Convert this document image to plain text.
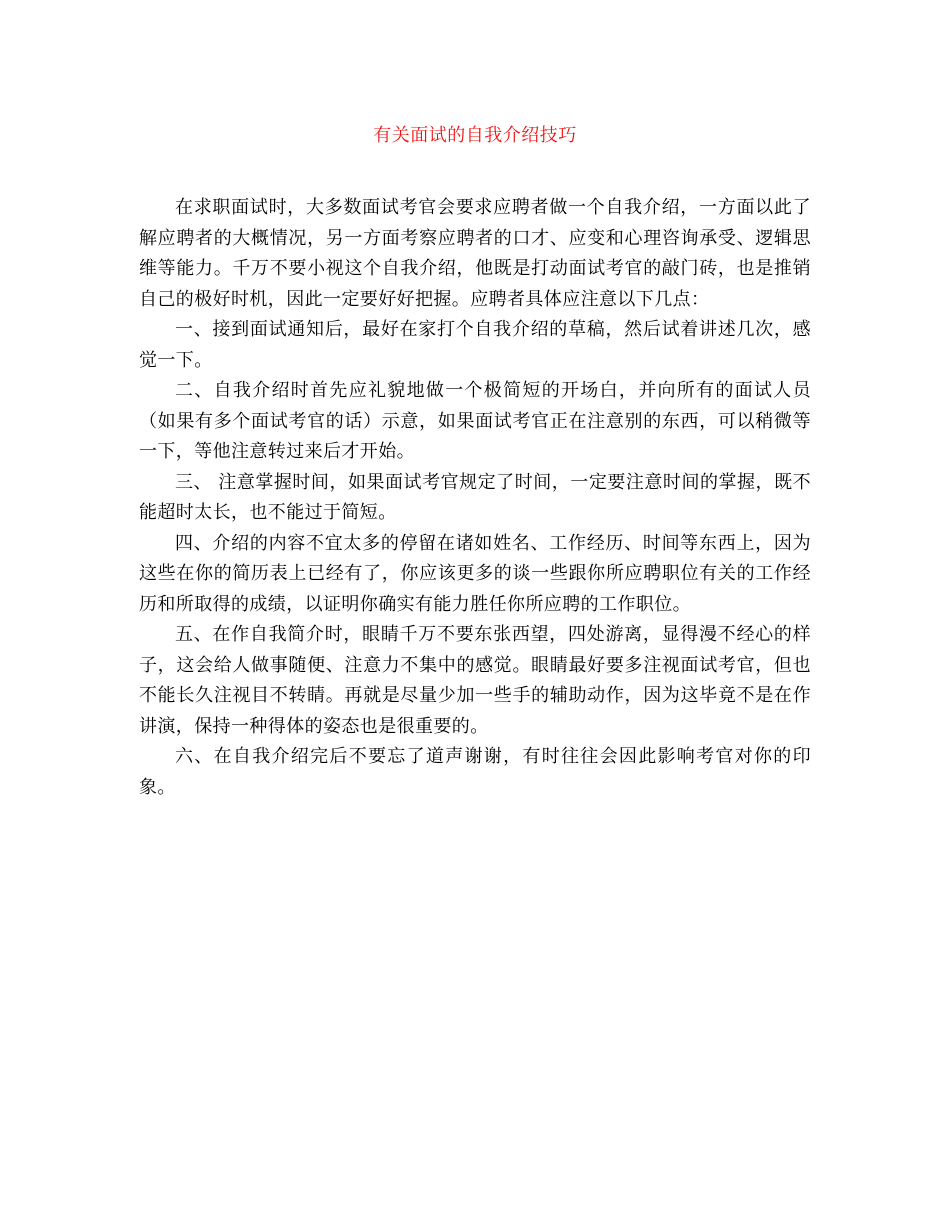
有关面试的自我介绍技巧

在求职面试时，大多数面试考官会要求应聘者做一个自我介绍，一方面以此了解应聘者的大概情况，另一方面考察应聘者的口才、应变和心理咨询承受、逻辑思维等能力。千万不要小视这个自我介绍，他既是打动面试考官的敲门砖，也是推销自己的极好时机，因此一定要好好把握。应聘者具体应注意以下几点：

一、接到面试通知后，最好在家打个自我介绍的草稿，然后试着讲述几次，感觉一下。

二、自我介绍时首先应礼貌地做一个极简短的开场白，并向所有的面试人员（如果有多个面试考官的话）示意，如果面试考官正在注意别的东西，可以稍微等一下，等他注意转过来后才开始。

三、 注意掌握时间，如果面试考官规定了时间，一定要注意时间的掌握，既不能超时太长，也不能过于简短。

四、介绍的内容不宜太多的停留在诸如姓名、工作经历、时间等东西上，因为这些在你的简历表上已经有了，你应该更多的谈一些跟你所应聘职位有关的工作经历和所取得的成绩，以证明你确实有能力胜任你所应聘的工作职位。

五、在作自我简介时，眼睛千万不要东张西望，四处游离，显得漫不经心的样子，这会给人做事随便、注意力不集中的感觉。眼睛最好要多注视面试考官，但也不能长久注视目不转睛。再就是尽量少加一些手的辅助动作，因为这毕竟不是在作讲演，保持一种得体的姿态也是很重要的。

六、在自我介绍完后不要忘了道声谢谢，有时往往会因此影响考官对你的印象。
